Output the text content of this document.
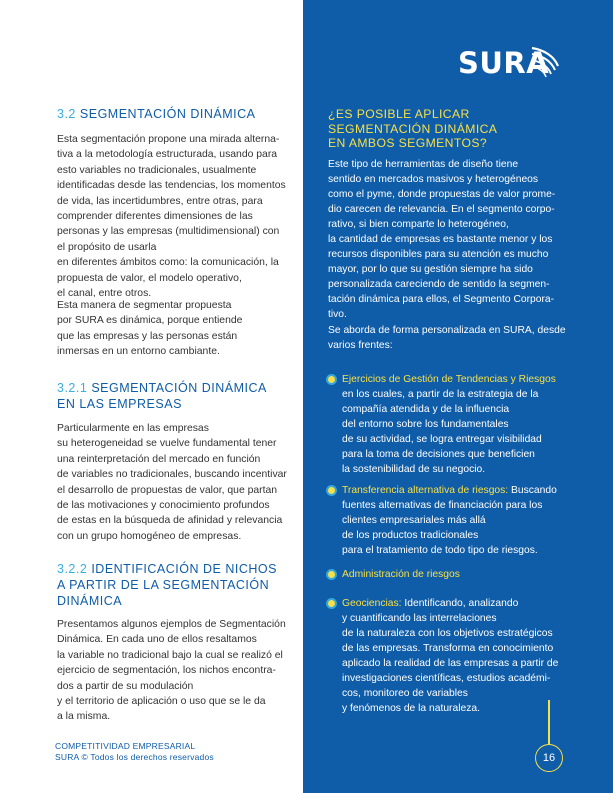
3.2 SEGMENTACIÓN DINÁMICA
Esta segmentación propone una mirada alterna-
tiva a la metodología estructurada, usando para
esto variables no tradicionales, usualmente
identificadas desde las tendencias, los momentos
de vida, las incertidumbres, entre otras, para
comprender diferentes dimensiones de las
personas y las empresas (multidimensional) con
el propósito de usarla
en diferentes ámbitos como: la comunicación, la
propuesta de valor, el modelo operativo,
el canal, entre otros.
Esta manera de segmentar propuesta
por SURA es dinámica, porque entiende
que las empresas y las personas están
inmersas en un entorno cambiante.
3.2.1 SEGMENTACIÓN DINÁMICA
EN LAS EMPRESAS
Particularmente en las empresas
su heterogeneidad se vuelve fundamental tener
una reinterpretación del mercado en función
de variables no tradicionales, buscando incentivar
el desarrollo de propuestas de valor, que partan
de las motivaciones y conocimiento profundos
de estas en la búsqueda de afinidad y relevancia
con un grupo homogéneo de empresas.
3.2.2 IDENTIFICACIÓN DE NICHOS
A PARTIR DE LA SEGMENTACIÓN
DINÁMICA
Presentamos algunos ejemplos de Segmentación
Dinámica. En cada uno de ellos resaltamos
la variable no tradicional bajo la cual se realizó el
ejercicio de segmentación, los nichos encontra-
dos a partir de su modulación
y el territorio de aplicación o uso que se le da
a la misma.
SURA
¿ES POSIBLE APLICAR
SEGMENTACIÓN DINÁMICA
EN AMBOS SEGMENTOS?
Este tipo de herramientas de diseño tiene
sentido en mercados masivos y heterogéneos
como el pyme, donde propuestas de valor prome-
dio carecen de relevancia. En el segmento corpo-
rativo, si bien comparte lo heterogéneo,
la cantidad de empresas es bastante menor y los
recursos disponibles para su atención es mucho
mayor, por lo que su gestión siempre ha sido
personalizada careciendo de sentido la segmen-
tación dinámica para ellos, el Segmento Corpora-
tivo.
Se aborda de forma personalizada en SURA, desde
varios frentes:
Ejercicios de Gestión de Tendencias y Riesgos
en los cuales, a partir de la estrategia de la
compañía atendida y de la influencia
del entorno sobre los fundamentales
de su actividad, se logra entregar visibilidad
para la toma de decisiones que beneficien
la sostenibilidad de su negocio.
Transferencia alternativa de riesgos: Buscando
fuentes alternativas de financiación para los
clientes empresariales más allá
de los productos tradicionales
para el tratamiento de todo tipo de riesgos.
Administración de riesgos
Geociencias: Identificando, analizando
y cuantificando las interrelaciones
de la naturaleza con los objetivos estratégicos
de las empresas. Transforma en conocimiento
aplicado la realidad de las empresas a partir de
investigaciones científicas, estudios académi-
cos, monitoreo de variables
y fenómenos de la naturaleza.
COMPETITIVIDAD EMPRESARIAL
SURA © Todos los derechos reservados	16
